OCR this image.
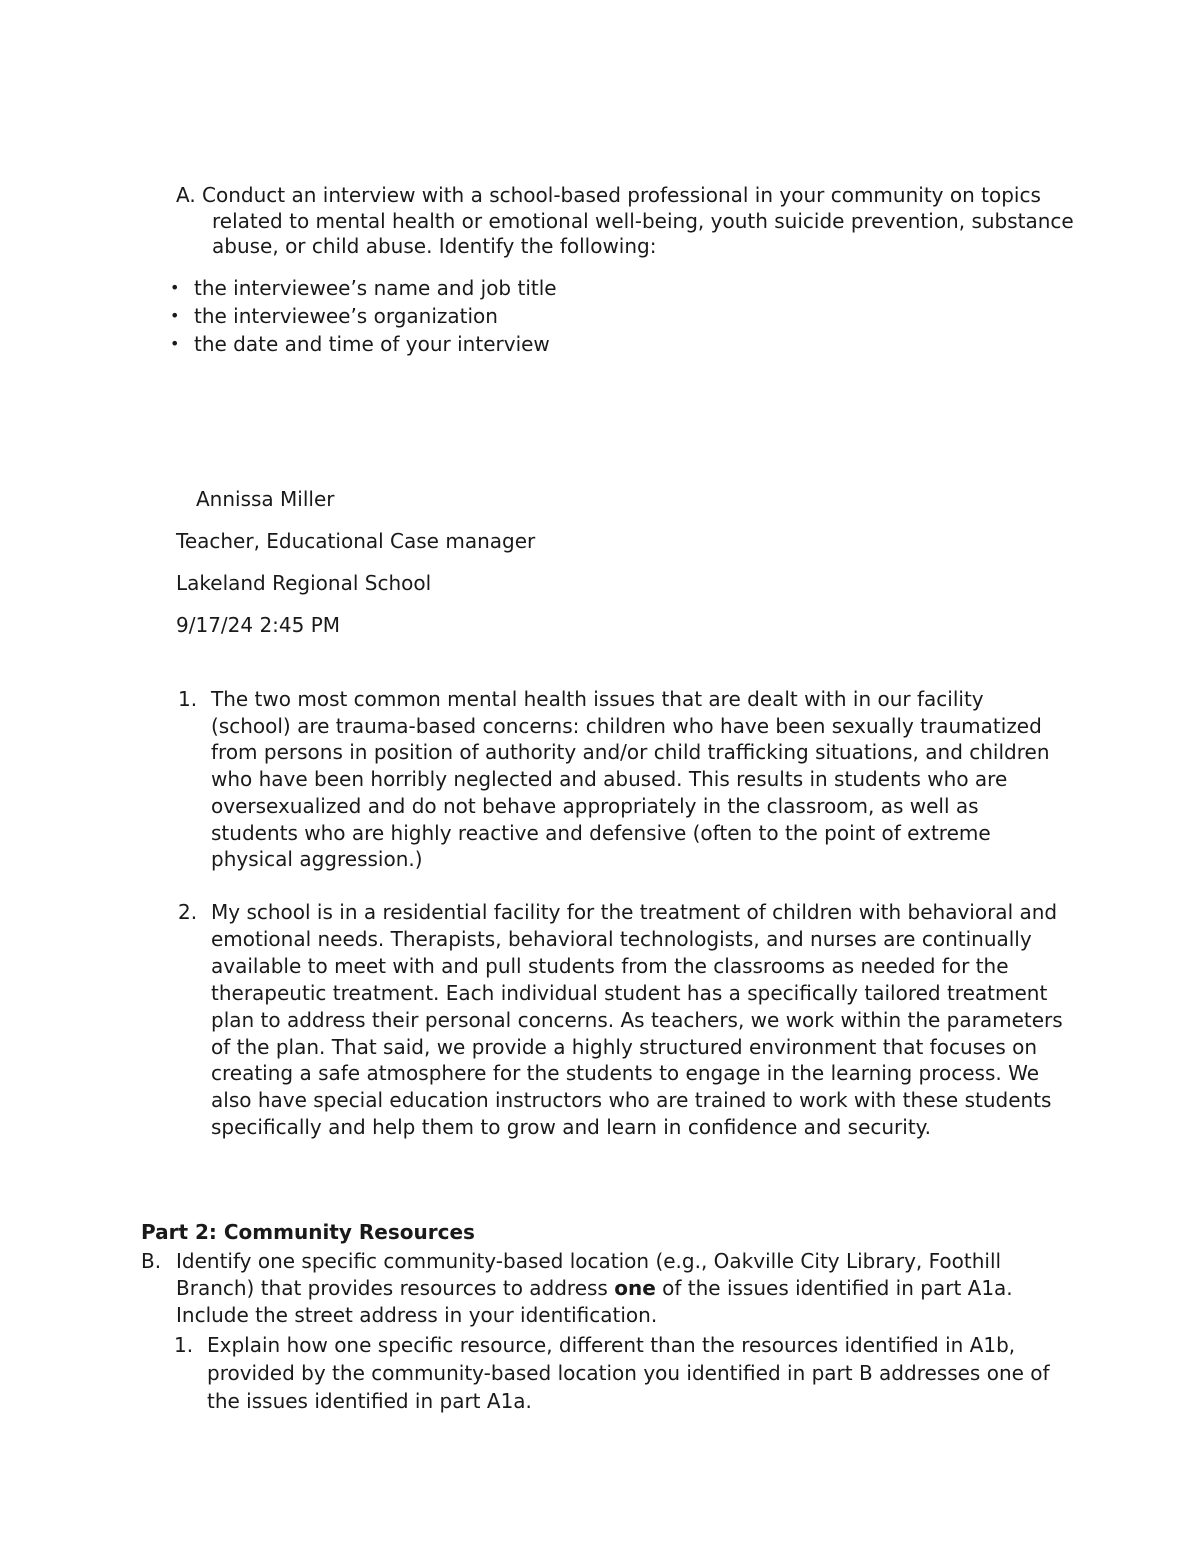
A. Conduct an interview with a school-based professional in your community on topics related to mental health or emotional well-being, youth suicide prevention, substance abuse, or child abuse. Identify the following:
• the interviewee’s name and job title
• the interviewee’s organization
• the date and time of your interview
Annissa Miller
Teacher, Educational Case manager
Lakeland Regional School
9/17/24 2:45 PM
1. The two most common mental health issues that are dealt with in our facility (school) are trauma-based concerns: children who have been sexually traumatized from persons in position of authority and/or child trafficking situations, and children who have been horribly neglected and abused. This results in students who are oversexualized and do not behave appropriately in the classroom, as well as students who are highly reactive and defensive (often to the point of extreme physical aggression.)
2. My school is in a residential facility for the treatment of children with behavioral and emotional needs. Therapists, behavioral technologists, and nurses are continually available to meet with and pull students from the classrooms as needed for the therapeutic treatment. Each individual student has a specifically tailored treatment plan to address their personal concerns. As teachers, we work within the parameters of the plan. That said, we provide a highly structured environment that focuses on creating a safe atmosphere for the students to engage in the learning process. We also have special education instructors who are trained to work with these students specifically and help them to grow and learn in confidence and security.
Part 2: Community Resources
B. Identify one specific community-based location (e.g., Oakville City Library, Foothill Branch) that provides resources to address one of the issues identified in part A1a. Include the street address in your identification.
1. Explain how one specific resource, different than the resources identified in A1b, provided by the community-based location you identified in part B addresses one of the issues identified in part A1a.
